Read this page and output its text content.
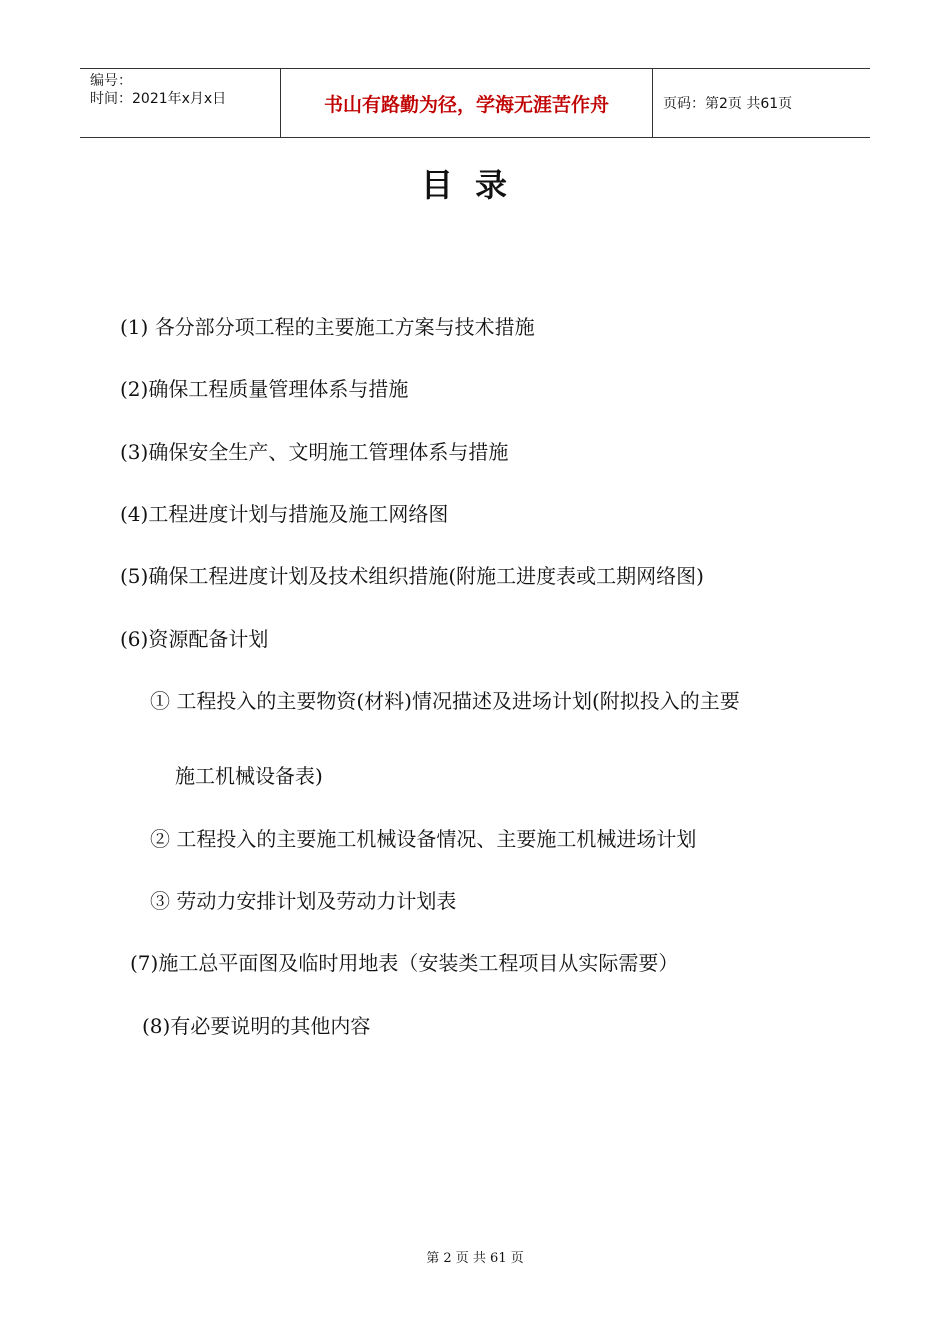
编号：
时间：2021年x月x日	书山有路勤为径，学海无涯苦作舟	页码：第2页 共61页
目录
(1) 各分部分项工程的主要施工方案与技术措施
(2)确保工程质量管理体系与措施
(3)确保安全生产、文明施工管理体系与措施
(4)工程进度计划与措施及施工网络图
(5)确保工程进度计划及技术组织措施(附施工进度表或工期网络图)
(6)资源配备计划
① 工程投入的主要物资(材料)情况描述及进场计划(附拟投入的主要
施工机械设备表)
② 工程投入的主要施工机械设备情况、主要施工机械进场计划
③ 劳动力安排计划及劳动力计划表
(7)施工总平面图及临时用地表（安装类工程项目从实际需要）
(8)有必要说明的其他内容
第 2 页 共 61 页
